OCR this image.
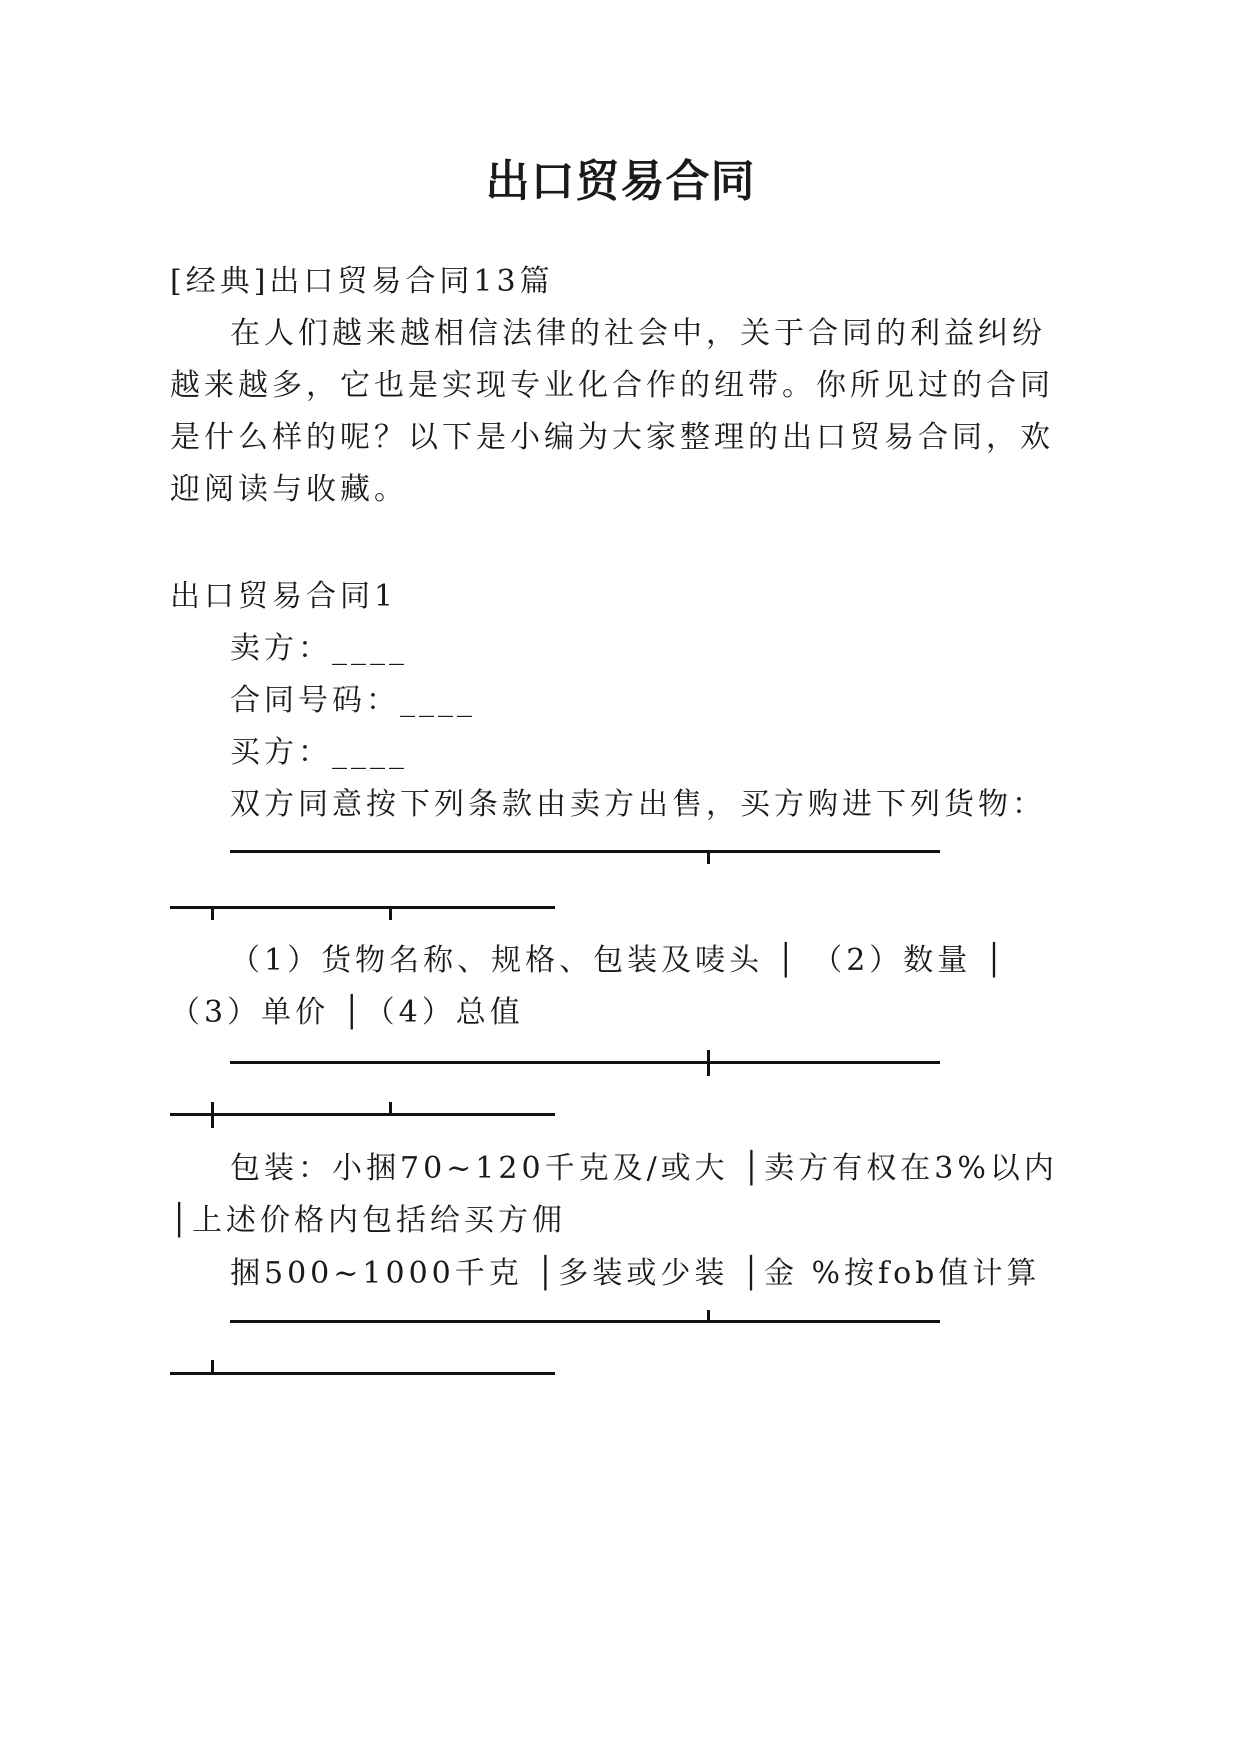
出口贸易合同
[经典]出口贸易合同13篇
在人们越来越相信法律的社会中，关于合同的利益纠纷
越来越多，它也是实现专业化合作的纽带。你所见过的合同
是什么样的呢？以下是小编为大家整理的出口贸易合同，欢
迎阅读与收藏。
出口贸易合同1
卖方：____
合同号码：____
买方：____
双方同意按下列条款由卖方出售，买方购进下列货物：
（1）货物名称、规格、包装及唛头 │ （2）数量 │
（3）单价 │（4）总值
包装：小捆70~120千克及/或大 │卖方有权在3%以内
│上述价格内包括给买方佣
捆500~1000千克 │多装或少装 │金 %按fob值计算
